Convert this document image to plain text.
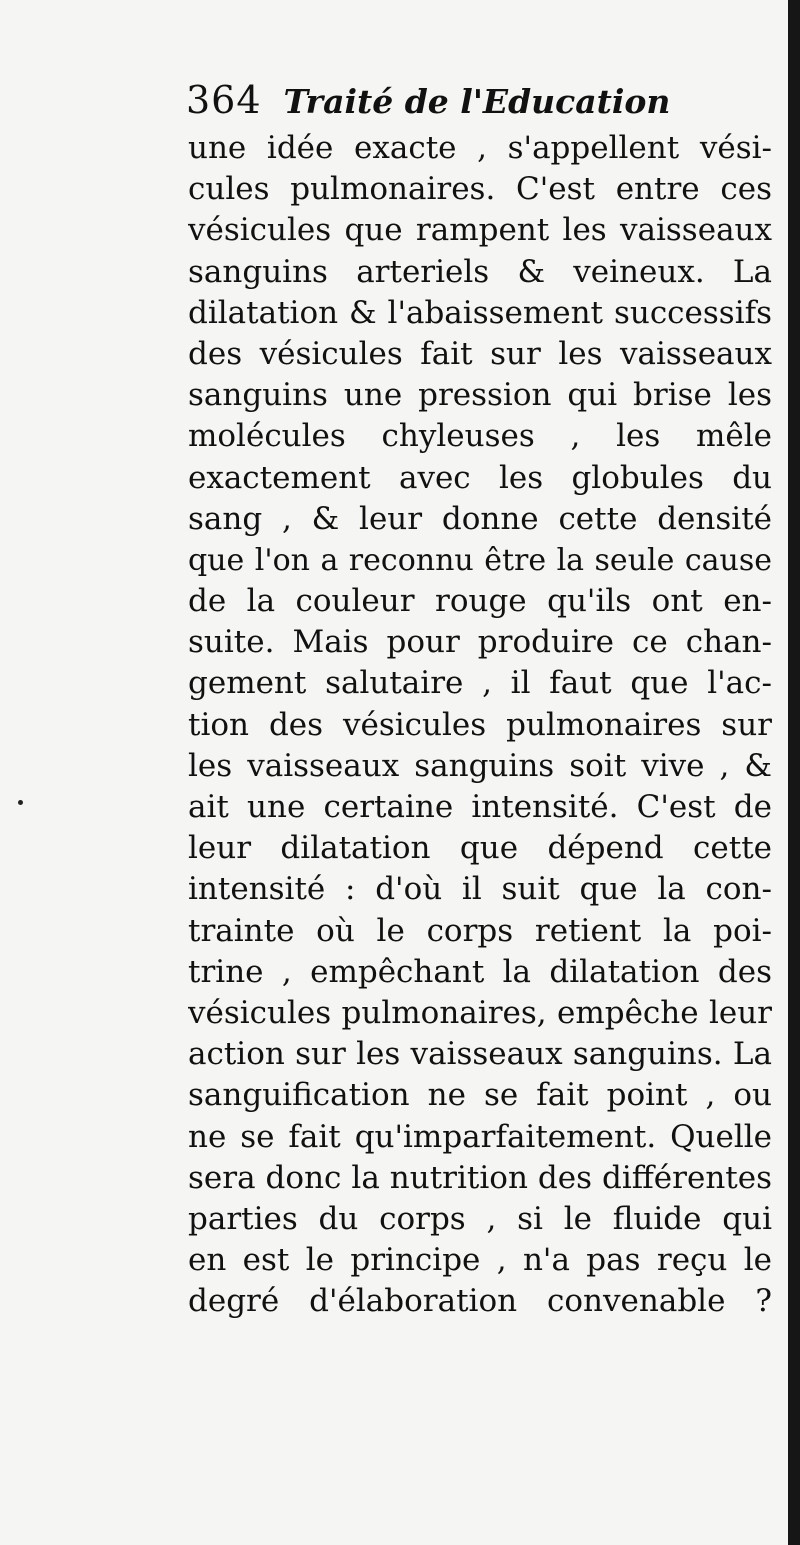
364 Traité de l'Education
une idée exacte , s'appellent vési-
cules pulmonaires. C'est entre ces
vésicules que rampent les vaisseaux
sanguins arteriels & veineux. La
dilatation & l'abaissement successifs
des vésicules fait sur les vaisseaux
sanguins une pression qui brise les
molécules chyleuses , les mêle
exactement avec les globules du
sang , & leur donne cette densité
que l'on a reconnu être la seule cause
de la couleur rouge qu'ils ont en-
suite. Mais pour produire ce chan-
gement salutaire , il faut que l'ac-
tion des vésicules pulmonaires sur
les vaisseaux sanguins soit vive , &
ait une certaine intensité. C'est de
leur dilatation que dépend cette
intensité : d'où il suit que la con-
trainte où le corps retient la poi-
trine , empêchant la dilatation des
vésicules pulmonaires, empêche leur
action sur les vaisseaux sanguins. La
sanguification ne se fait point , ou
ne se fait qu'imparfaitement. Quelle
sera donc la nutrition des différentes
parties du corps , si le fluide qui
en est le principe , n'a pas reçu le
degré d'élaboration convenable ?
